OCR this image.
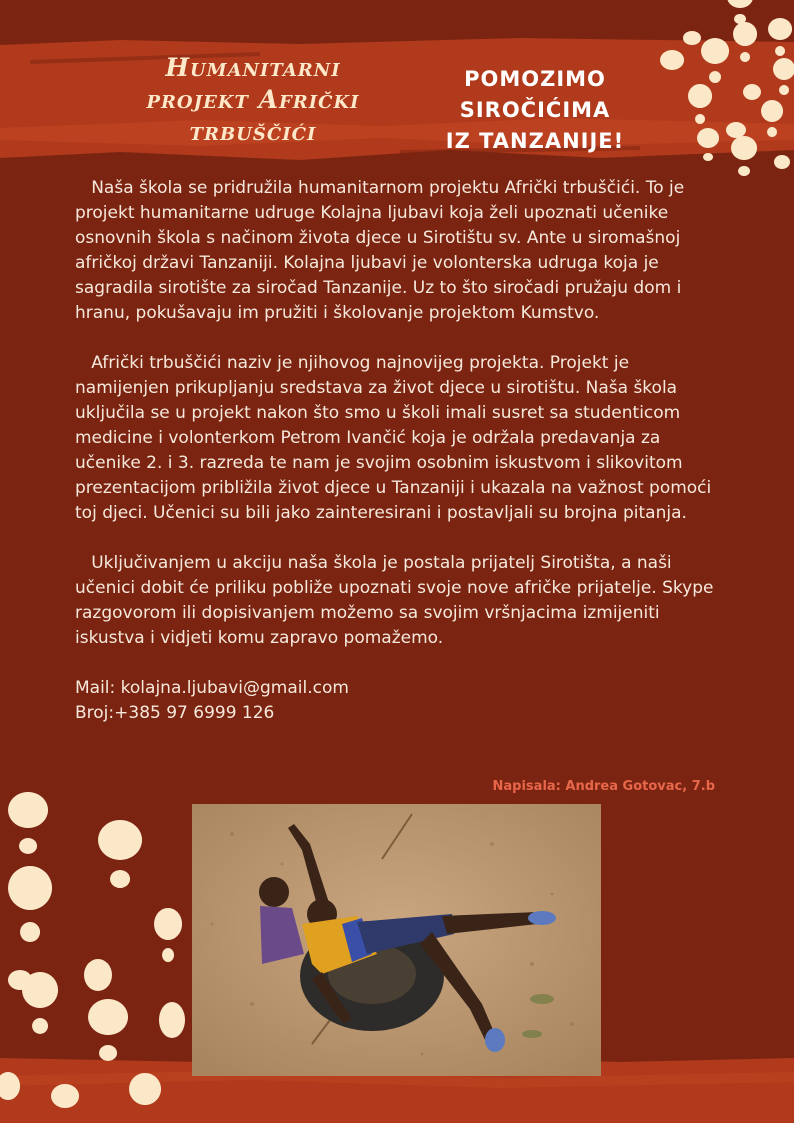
Humanitarni
projekt Afrički
trbuščići
POMOZIMO
SIROČIĆIMA
IZ TANZANIJE!

Naša škola se pridružila humanitarnom projektu Afrički trbuščići. To je projekt humanitarne udruge Kolajna ljubavi koja želi upoznati učenike osnovnih škola s načinom života djece u Sirotištu sv. Ante u siromašnoj afričkoj državi Tanzaniji. Kolajna ljubavi je volonterska udruga koja je sagradila sirotište za siročad Tanzanije. Uz to što siročadi pružaju dom i hranu, pokušavaju im pružiti i školovanje projektom Kumstvo.

Afrički trbuščići naziv je njihovog najnovijeg projekta. Projekt je namijenjen prikupljanju sredstava za život djece u sirotištu. Naša škola uključila se u projekt nakon što smo u školi imali susret sa studenticom medicine i volonterkom Petrom Ivančić koja je održala predavanja za učenike 2. i 3. razreda te nam je svojim osobnim iskustvom i slikovitom prezentacijom približila život djece u Tanzaniji i ukazala na važnost pomoći toj djeci. Učenici su bili jako zainteresirani i postavljali su brojna pitanja.

Uključivanjem u akciju naša škola je postala prijatelj Sirotišta, a naši učenici dobit će priliku pobliže upoznati svoje nove afričke prijatelje. Skype razgovorom ili dopisivanjem možemo sa svojim vršnjacima izmijeniti iskustva i vidjeti komu zapravo pomažemo.

Mail: kolajna.ljubavi@gmail.com
Broj:+385 97 6999 126
Napisala: Andrea Gotovac, 7.b
